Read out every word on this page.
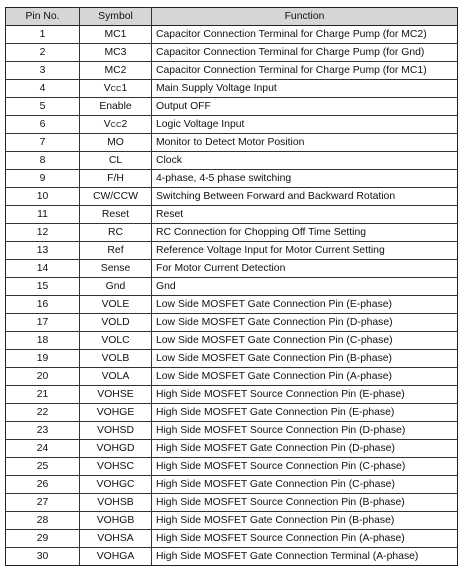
Pin No.	Symbol	Function
1	MC1	Capacitor Connection Terminal for Charge Pump (for MC2)
2	MC3	Capacitor Connection Terminal for Charge Pump (for Gnd)
3	MC2	Capacitor Connection Terminal for Charge Pump (for MC1)
4	VCC1	Main Supply Voltage Input
5	Enable	Output OFF
6	VCC2	Logic Voltage Input
7	MO	Monitor to Detect Motor Position
8	CL	Clock
9	F/H	4-phase, 4-5 phase switching
10	CW/CCW	Switching Between Forward and Backward Rotation
11	Reset	Reset
12	RC	RC Connection for Chopping Off Time Setting
13	Ref	Reference Voltage Input for Motor Current Setting
14	Sense	For Motor Current Detection
15	Gnd	Gnd
16	VOLE	Low Side MOSFET Gate Connection Pin (E-phase)
17	VOLD	Low Side MOSFET Gate Connection Pin (D-phase)
18	VOLC	Low Side MOSFET Gate Connection Pin (C-phase)
19	VOLB	Low Side MOSFET Gate Connection Pin (B-phase)
20	VOLA	Low Side MOSFET Gate Connection Pin (A-phase)
21	VOHSE	High Side MOSFET Source Connection Pin (E-phase)
22	VOHGE	High Side MOSFET Gate Connection Pin (E-phase)
23	VOHSD	High Side MOSFET Source Connection Pin (D-phase)
24	VOHGD	High Side MOSFET Gate Connection Pin (D-phase)
25	VOHSC	High Side MOSFET Source Connection Pin (C-phase)
26	VOHGC	High Side MOSFET Gate Connection Pin (C-phase)
27	VOHSB	High Side MOSFET Source Connection Pin (B-phase)
28	VOHGB	High Side MOSFET Gate Connection Pin (B-phase)
29	VOHSA	High Side MOSFET Source Connection Pin (A-phase)
30	VOHGA	High Side MOSFET Gate Connection Terminal (A-phase)
